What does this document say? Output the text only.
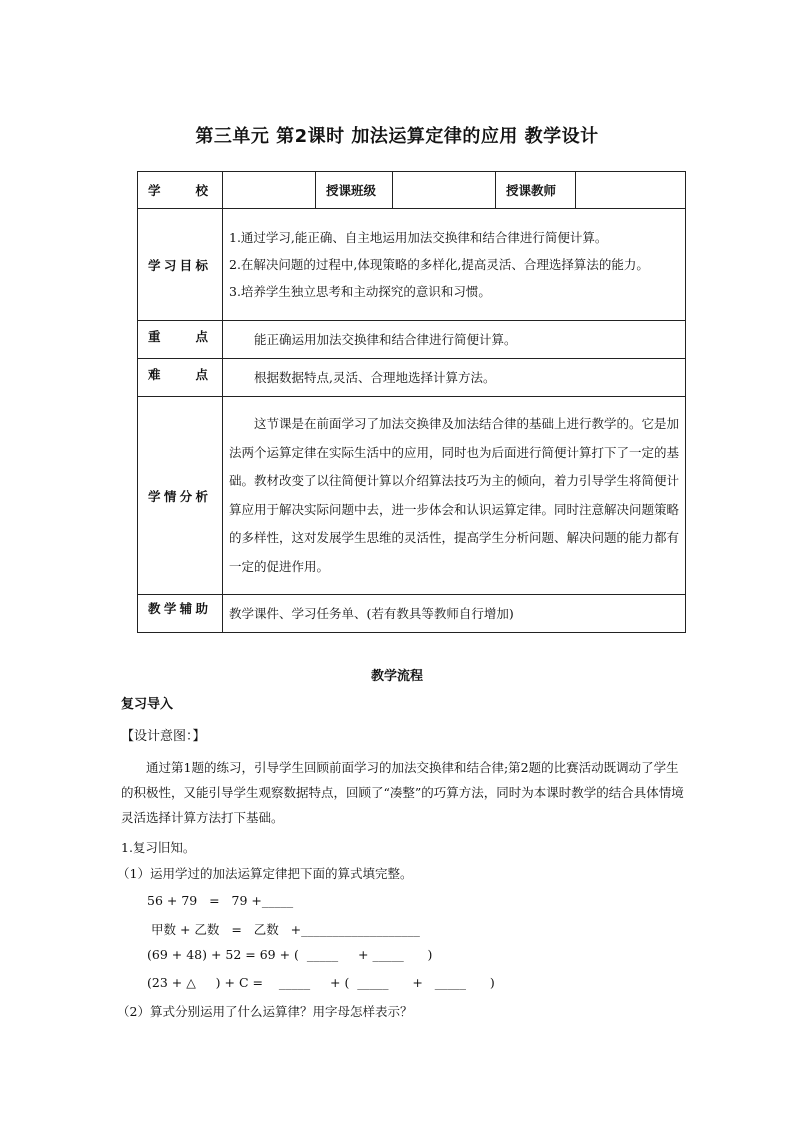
第三单元 第2课时 加法运算定律的应用 教学设计
学 校		授课班级		授课教师	
学习目标	1.通过学习,能正确、自主地运用加法交换律和结合律进行简便计算。

2.在解决问题的过程中,体现策略的多样化,提高灵活、合理选择算法的能力。

3.培养学生独立思考和主动探究的意识和习惯。				

重 点	能正确运用加法交换律和结合律进行简便计算。				
难 点	根据数据特点,灵活、合理地选择计算方法。				
学情分析	这节课是在前面学习了加法交换律及加法结合律的基础上进行教学的。它是加法两个运算定律在实际生活中的应用，同时也为后面进行简便计算打下了一定的基础。教材改变了以往简便计算以介绍算法技巧为主的倾向，着力引导学生将简便计算应用于解决实际问题中去，进一步体会和认识运算定律。同时注意解决问题策略的多样性，这对发展学生思维的灵活性，提高学生分析问题、解决问题的能力都有一定的促进作用。				
教学辅助	教学课件、学习任务单、(若有教具等教师自行增加)				
教学流程
复习导入
【设计意图：】
通过第1题的练习，引导学生回顾前面学习的加法交换律和结合律;第2题的比赛活动既调动了学生的积极性，又能引导学生观察数据特点，回顾了“凑整”的巧算方法，同时为本课时教学的结合具体情境灵活选择计算方法打下基础。
1.复习旧知。
（1）运用学过的加法运算定律把下面的算式填完整。
56 + 79   =   79 +_____
甲数 + 乙数   =   乙数   +___________________
(69 + 48) + 52 = 69 + (  _____     + _____      )
(23 + △     ) + C =    _____     + (  _____      +   _____      )
（2）算式分别运用了什么运算律？用字母怎样表示？
